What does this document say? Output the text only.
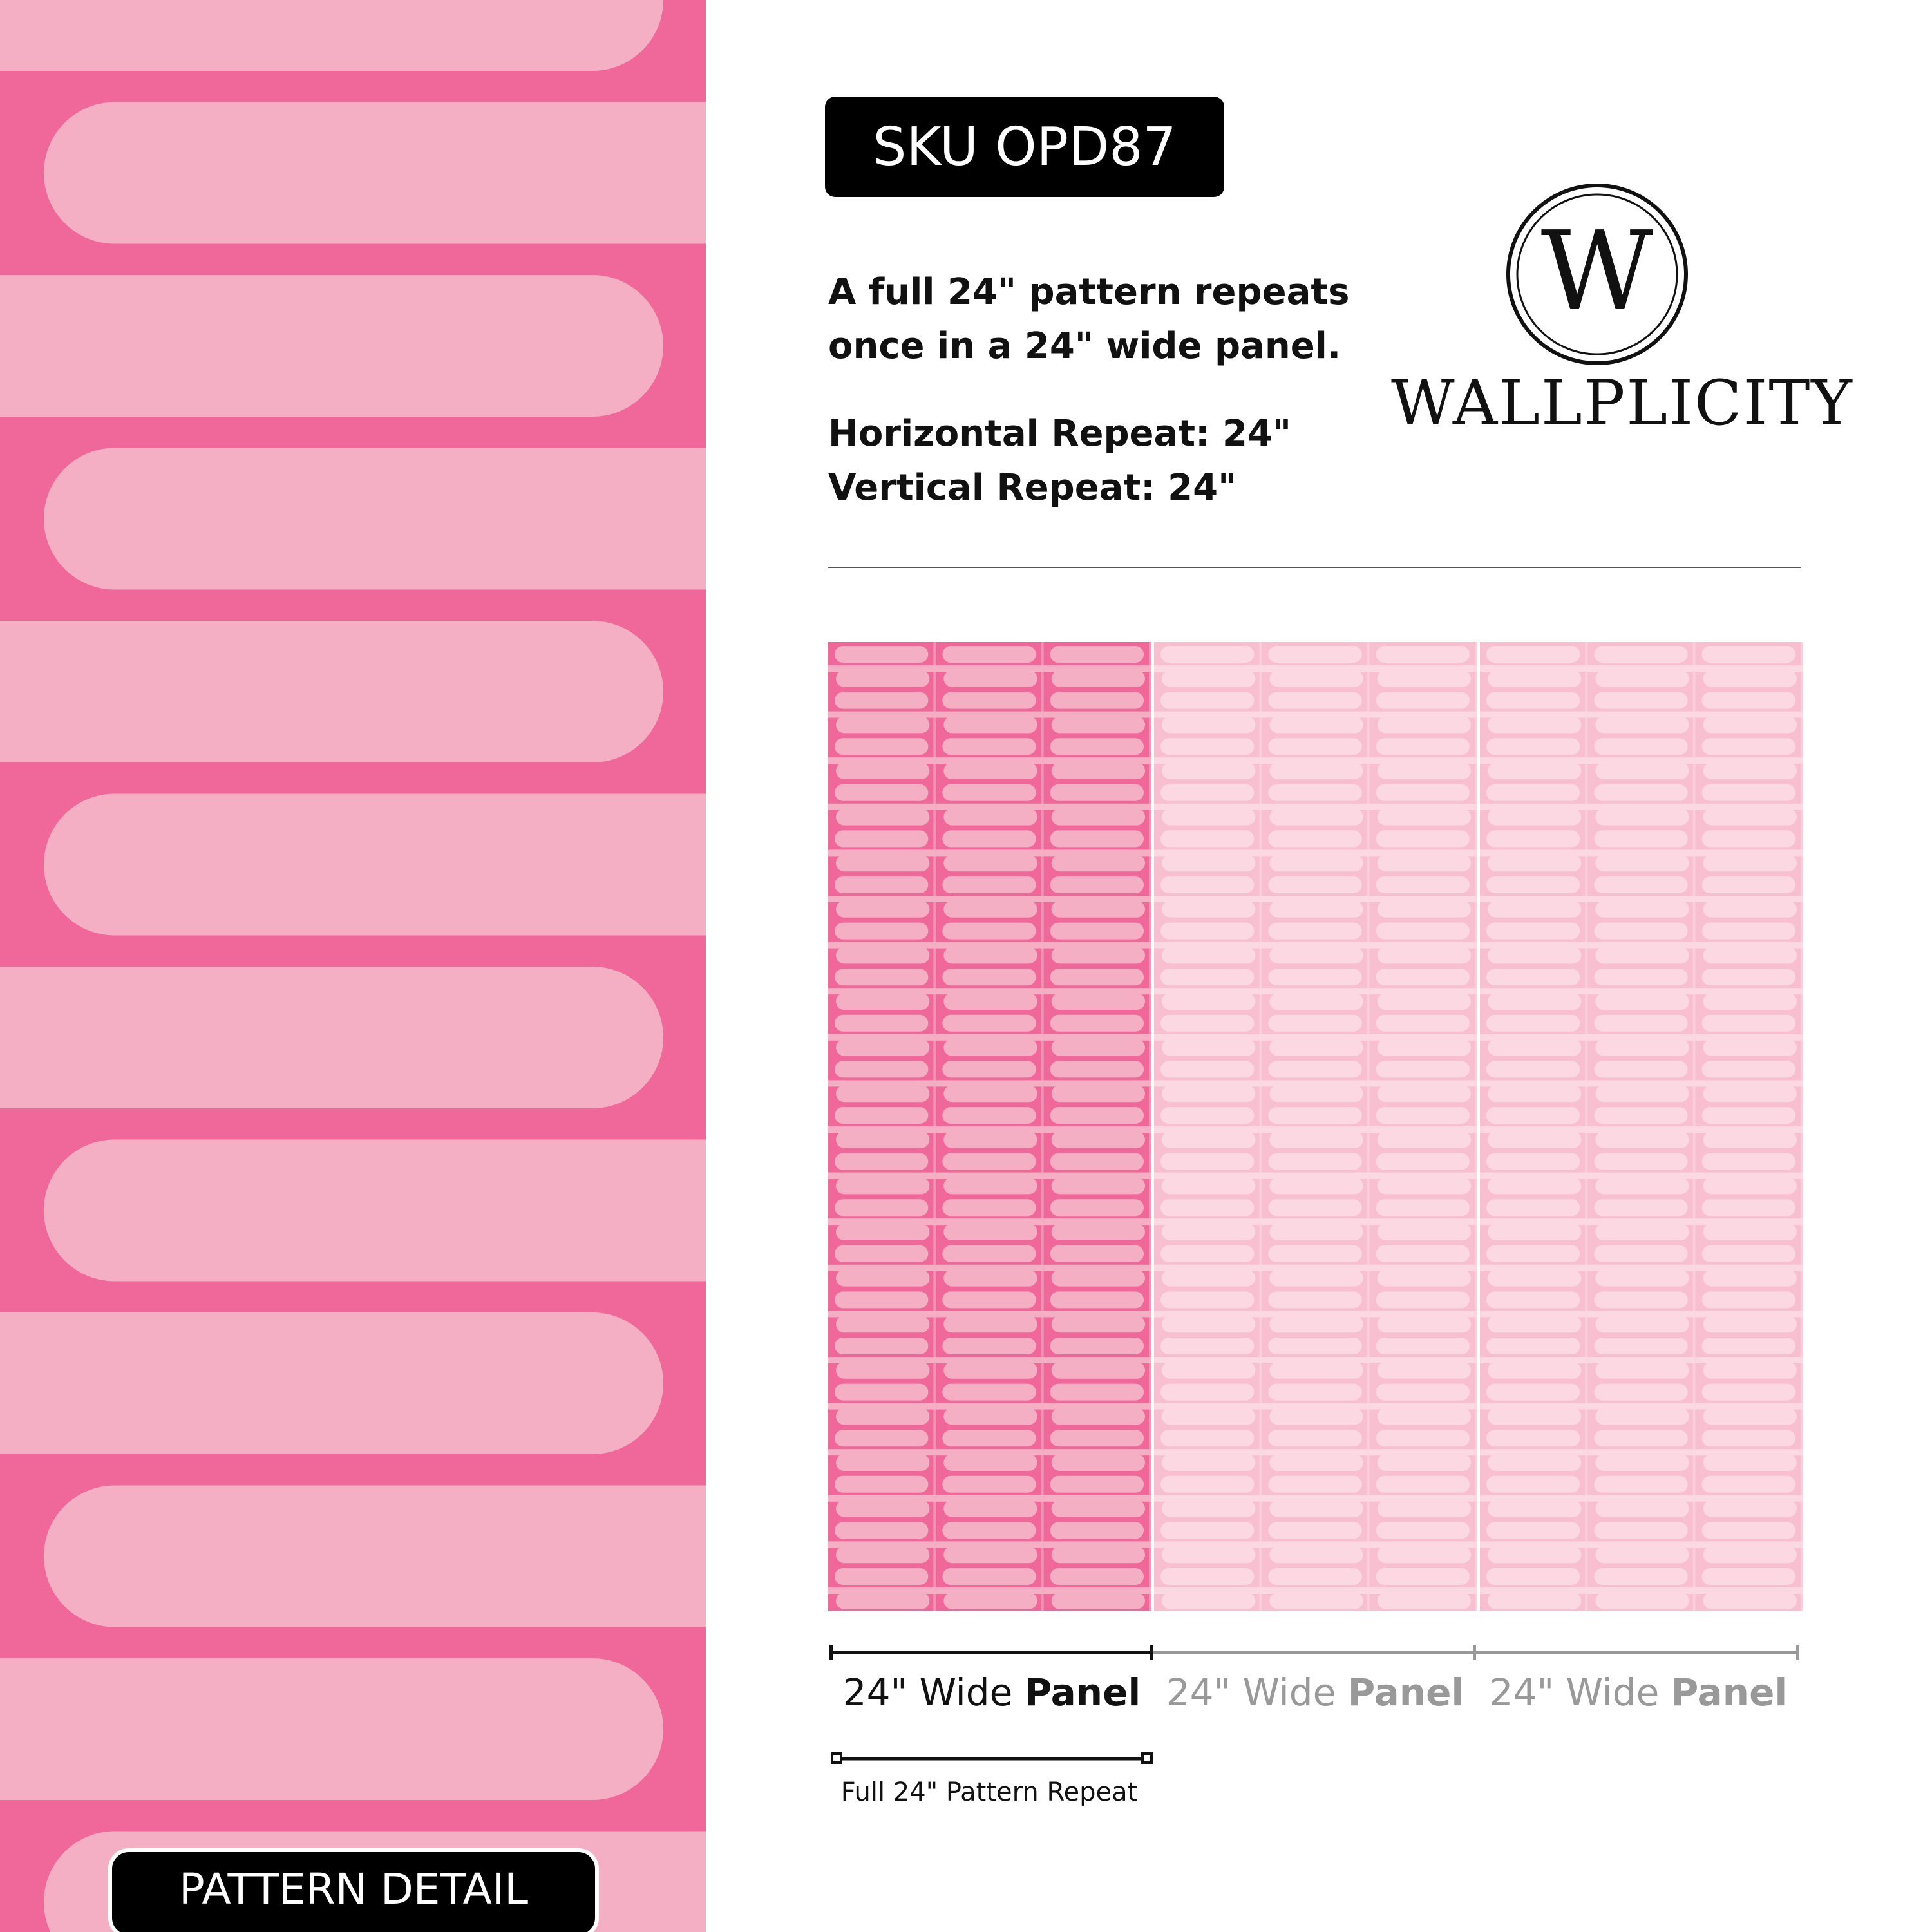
PATTERN DETAIL
SKU OPD87

A full 24" pattern repeats

once in a 24" wide panel.

Horizontal Repeat: 24"

Vertical Repeat: 24"

W
WALLPLICITY
24" Wide Panel 24" Wide Panel 24" Wide Panel
Full 24" Pattern Repeat
